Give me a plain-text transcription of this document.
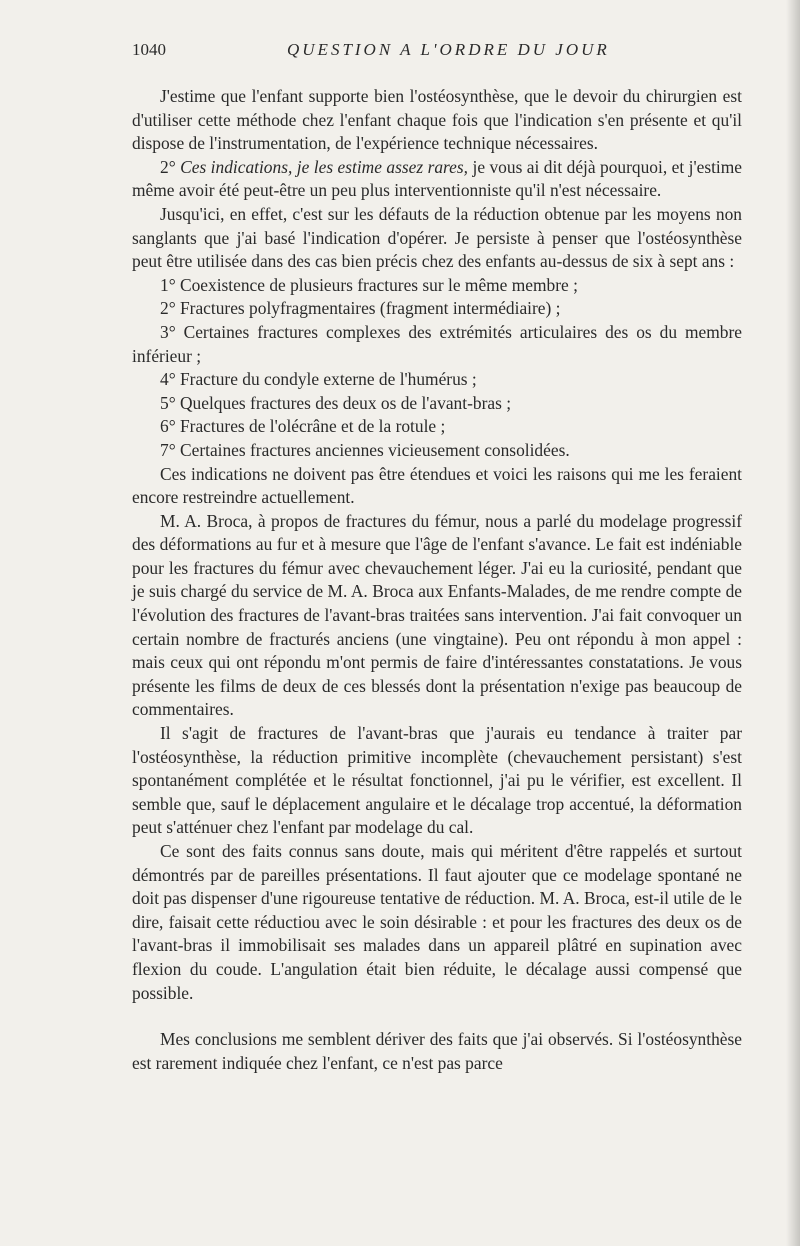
1040	QUESTION A L'ORDRE DU JOUR

J'estime que l'enfant supporte bien l'ostéosynthèse, que le devoir du chirurgien est d'utiliser cette méthode chez l'enfant chaque fois que l'indication s'en présente et qu'il dispose de l'instrumentation, de l'expérience technique nécessaires.

2° Ces indications, je les estime assez rares, je vous ai dit déjà pourquoi, et j'estime même avoir été peut-être un peu plus interventionniste qu'il n'est nécessaire.

Jusqu'ici, en effet, c'est sur les défauts de la réduction obtenue par les moyens non sanglants que j'ai basé l'indication d'opérer. Je persiste à penser que l'ostéosynthèse peut être utilisée dans des cas bien précis chez des enfants au-dessus de six à sept ans :

1° Coexistence de plusieurs fractures sur le même membre ;

2° Fractures polyfragmentaires (fragment intermédiaire) ;

3° Certaines fractures complexes des extrémités articulaires des os du membre inférieur ;

4° Fracture du condyle externe de l'humérus ;

5° Quelques fractures des deux os de l'avant-bras ;

6° Fractures de l'olécrâne et de la rotule ;

7° Certaines fractures anciennes vicieusement consolidées.

Ces indications ne doivent pas être étendues et voici les raisons qui me les feraient encore restreindre actuellement.

M. A. Broca, à propos de fractures du fémur, nous a parlé du modelage progressif des déformations au fur et à mesure que l'âge de l'enfant s'avance. Le fait est indéniable pour les fractures du fémur avec chevauchement léger. J'ai eu la curiosité, pendant que je suis chargé du service de M. A. Broca aux Enfants-Malades, de me rendre compte de l'évolution des fractures de l'avant-bras traitées sans intervention. J'ai fait convoquer un certain nombre de fracturés anciens (une vingtaine). Peu ont répondu à mon appel : mais ceux qui ont répondu m'ont permis de faire d'intéressantes constatations. Je vous présente les films de deux de ces blessés dont la présentation n'exige pas beaucoup de commentaires.

Il s'agit de fractures de l'avant-bras que j'aurais eu tendance à traiter par l'ostéosynthèse, la réduction primitive incomplète (chevauchement persistant) s'est spontanément complétée et le résultat fonctionnel, j'ai pu le vérifier, est excellent. Il semble que, sauf le déplacement angulaire et le décalage trop accentué, la déformation peut s'atténuer chez l'enfant par modelage du cal.

Ce sont des faits connus sans doute, mais qui méritent d'être rappelés et surtout démontrés par de pareilles présentations. Il faut ajouter que ce modelage spontané ne doit pas dispenser d'une rigoureuse tentative de réduction. M. A. Broca, est-il utile de le dire, faisait cette réductiou avec le soin désirable : et pour les fractures des deux os de l'avant-bras il immobilisait ses malades dans un appareil plâtré en supination avec flexion du coude. L'angulation était bien réduite, le décalage aussi compensé que possible.

Mes conclusions me semblent dériver des faits que j'ai observés. Si l'ostéosynthèse est rarement indiquée chez l'enfant, ce n'est pas parce
